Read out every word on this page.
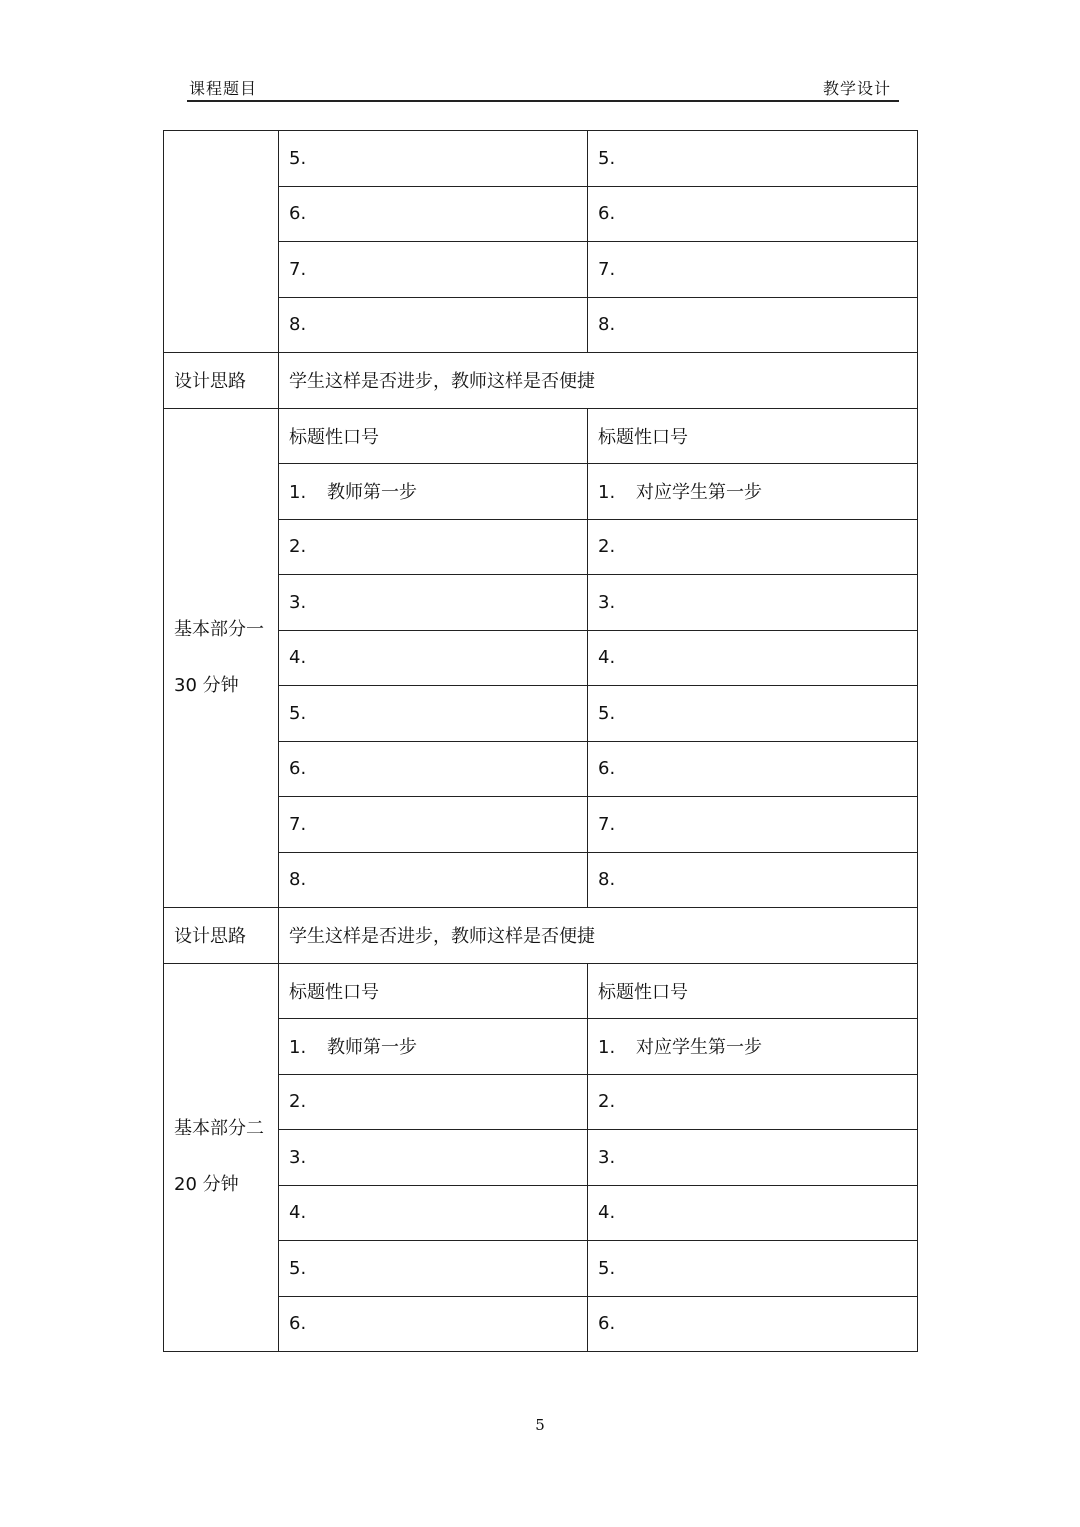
课程题目	教学设计
	5.	5.
	6.	6.
	7.	7.
	8.	8.
设计思路	学生这样是否进步，教师这样是否便捷	

基本部分一
30 分钟	标题性口号	标题性口号
	1. 教师第一步	1. 对应学生第一步
	2.	2.
	3.	3.
	4.	4.
	5.	5.
	6.	6.
	7.	7.
	8.	8.
设计思路	学生这样是否进步，教师这样是否便捷	

基本部分二
20 分钟	标题性口号	标题性口号
	1. 教师第一步	1. 对应学生第一步
	2.	2.
	3.	3.
	4.	4.
	5.	5.
	6.	6.
5
